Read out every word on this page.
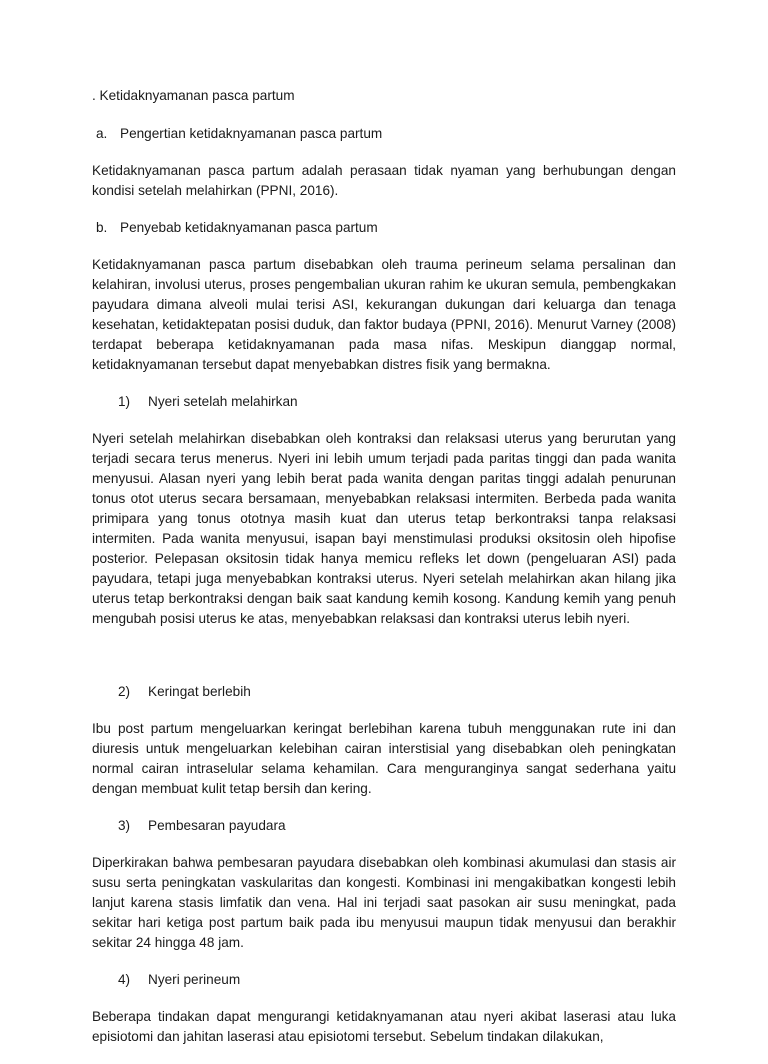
. Ketidaknyamanan pasca partum

a. Pengertian ketidaknyamanan pasca partum

Ketidaknyamanan pasca partum adalah perasaan tidak nyaman yang berhubungan dengan kondisi setelah melahirkan (PPNI, 2016).

b. Penyebab ketidaknyamanan pasca partum

Ketidaknyamanan pasca partum disebabkan oleh trauma perineum selama persalinan dan kelahiran, involusi uterus, proses pengembalian ukuran rahim ke ukuran semula, pembengkakan payudara dimana alveoli mulai terisi ASI, kekurangan dukungan dari keluarga dan tenaga kesehatan, ketidaktepatan posisi duduk, dan faktor budaya (PPNI, 2016). Menurut Varney (2008) terdapat beberapa ketidaknyamanan pada masa nifas. Meskipun dianggap normal, ketidaknyamanan tersebut dapat menyebabkan distres fisik yang bermakna.

1) Nyeri setelah melahirkan

Nyeri setelah melahirkan disebabkan oleh kontraksi dan relaksasi uterus yang berurutan yang terjadi secara terus menerus. Nyeri ini lebih umum terjadi pada paritas tinggi dan pada wanita menyusui. Alasan nyeri yang lebih berat pada wanita dengan paritas tinggi adalah penurunan tonus otot uterus secara bersamaan, menyebabkan relaksasi intermiten. Berbeda pada wanita primipara yang tonus ototnya masih kuat dan uterus tetap berkontraksi tanpa relaksasi intermiten. Pada wanita menyusui, isapan bayi menstimulasi produksi oksitosin oleh hipofise posterior. Pelepasan oksitosin tidak hanya memicu refleks let down (pengeluaran ASI) pada payudara, tetapi juga menyebabkan kontraksi uterus. Nyeri setelah melahirkan akan hilang jika uterus tetap berkontraksi dengan baik saat kandung kemih kosong. Kandung kemih yang penuh mengubah posisi uterus ke atas, menyebabkan relaksasi dan kontraksi uterus lebih nyeri.

2) Keringat berlebih

Ibu post partum mengeluarkan keringat berlebihan karena tubuh menggunakan rute ini dan diuresis untuk mengeluarkan kelebihan cairan interstisial yang disebabkan oleh peningkatan normal cairan intraselular selama kehamilan. Cara menguranginya sangat sederhana yaitu dengan membuat kulit tetap bersih dan kering.

3) Pembesaran payudara

Diperkirakan bahwa pembesaran payudara disebabkan oleh kombinasi akumulasi dan stasis air susu serta peningkatan vaskularitas dan kongesti. Kombinasi ini mengakibatkan kongesti lebih lanjut karena stasis limfatik dan vena. Hal ini terjadi saat pasokan air susu meningkat, pada sekitar hari ketiga post partum baik pada ibu menyusui maupun tidak menyusui dan berakhir sekitar 24 hingga 48 jam.

4) Nyeri perineum

Beberapa tindakan dapat mengurangi ketidaknyamanan atau nyeri akibat laserasi atau luka episiotomi dan jahitan laserasi atau episiotomi tersebut. Sebelum tindakan dilakukan,
